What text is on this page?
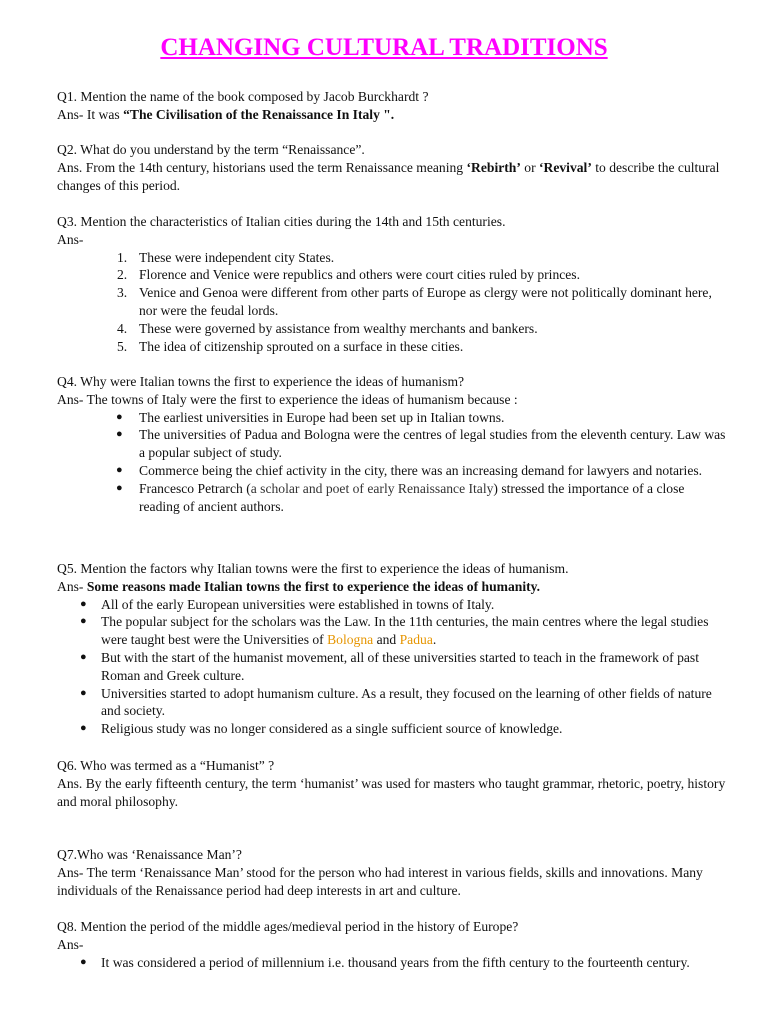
CHANGING CULTURAL TRADITIONS
Q1. Mention the name of the book composed by Jacob Burckhardt ?
Ans- It was “The Civilisation of the Renaissance In Italy ".
Q2. What do you understand by the term “Renaissance”.
Ans. From the 14th century, historians used the term Renaissance meaning ‘Rebirth’ or ‘Revival’ to describe the cultural changes of this period.
Q3. Mention the characteristics of Italian cities during the 14th and 15th centuries.
Ans-
1. These were independent city States.
2. Florence and Venice were republics and others were court cities ruled by princes.
3. Venice and Genoa were different from other parts of Europe as clergy were not politically dominant here, nor were the feudal lords.
4. These were governed by assistance from wealthy merchants and bankers.
5. The idea of citizenship sprouted on a surface in these cities.
Q4. Why were Italian towns the first to experience the ideas of humanism?
Ans- The towns of Italy were the first to experience the ideas of humanism because :
● The earliest universities in Europe had been set up in Italian towns.
● The universities of Padua and Bologna were the centres of legal studies from the eleventh century. Law was a popular subject of study.
● Commerce being the chief activity in the city, there was an increasing demand for lawyers and notaries.
● Francesco Petrarch (a scholar and poet of early Renaissance Italy) stressed the importance of a close reading of ancient authors.
Q5. Mention the factors why Italian towns were the first to experience the ideas of humanism.
Ans- Some reasons made Italian towns the first to experience the ideas of humanity.
● All of the early European universities were established in towns of Italy.
● The popular subject for the scholars was the Law. In the 11th centuries, the main centres where the legal studies were taught best were the Universities of Bologna and Padua.
● But with the start of the humanist movement, all of these universities started to teach in the framework of past Roman and Greek culture.
● Universities started to adopt humanism culture. As a result, they focused on the learning of other fields of nature and society.
● Religious study was no longer considered as a single sufficient source of knowledge.
Q6. Who was termed as a “Humanist” ?
Ans. By the early fifteenth century, the term ‘humanist’ was used for masters who taught grammar, rhetoric, poetry, history and moral philosophy.
Q7.Who was ‘Renaissance Man’?
Ans- The term ‘Renaissance Man’ stood for the person who had interest in various fields, skills and innovations. Many individuals of the Renaissance period had deep interests in art and culture.
Q8. Mention the period of the middle ages/medieval period in the history of Europe?
Ans-
● It was considered a period of millennium i.e. thousand years from the fifth century to the fourteenth century.
